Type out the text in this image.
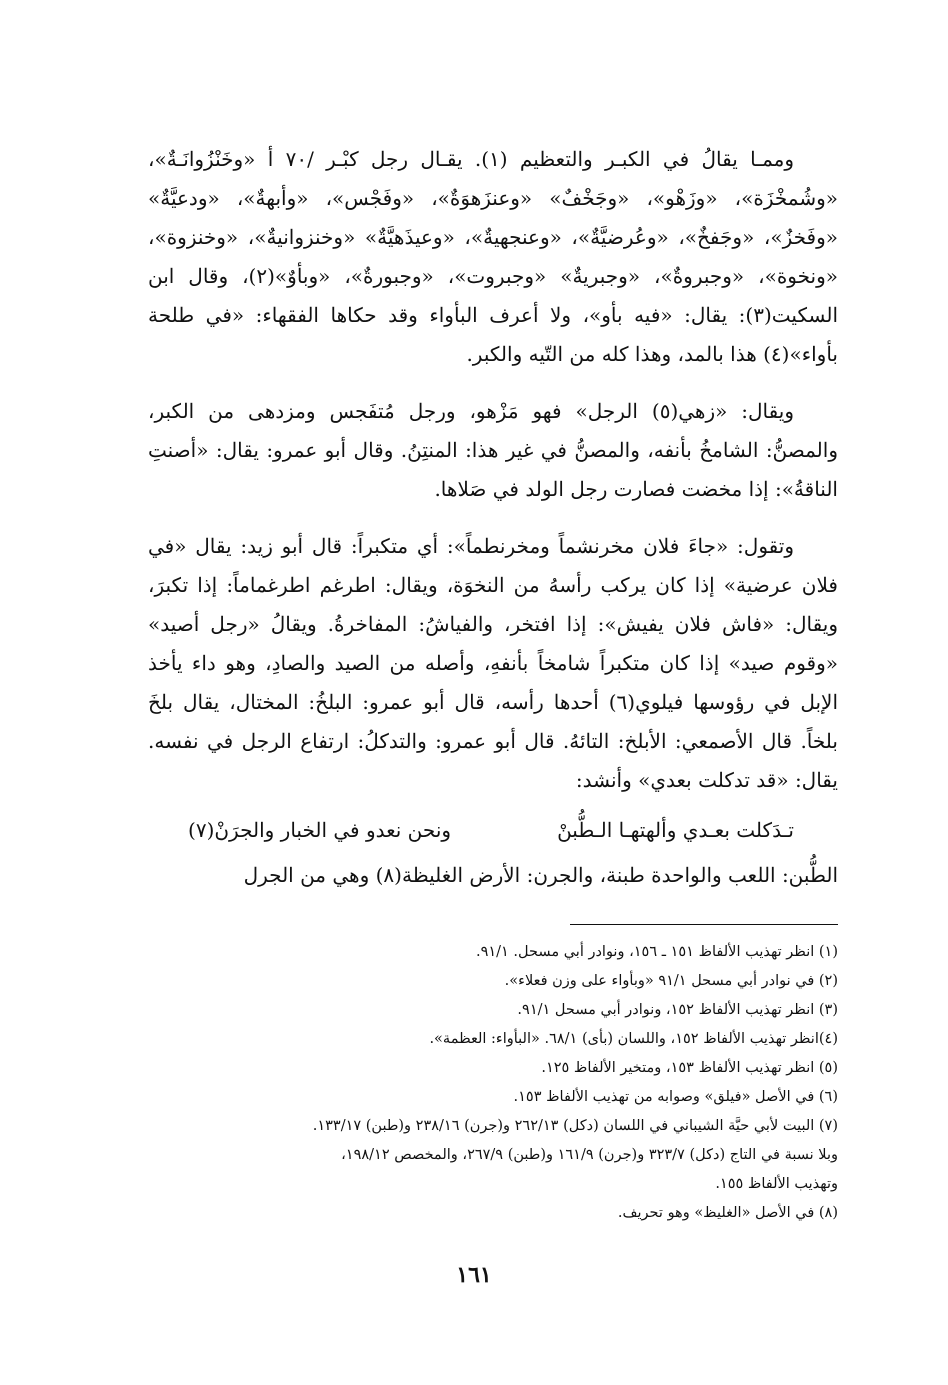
وممـا يقالُ في الكبـر والتعظيم (١). يقـال رجل كبْـر /٧٠ أ «وخَنْزُوانَـةٌ»، «وشُمخْزَة»، «وزَهْو»، «وجَخْفٌ» «وعنزَهوَةٌ»، «وفَجْس»، «وأبهةٌ»، «ودعيَّةٌ» «وفَخزٌ»، «وجَفخٌ»، «وعُرضيَّةٌ»، «وعنجهيةٌ»، «وعيذَهيَّةٌ» «وخنزوانيةٌ»، «وخنزوة»، «ونخوة»، «وجبروةٌ»، «وجبريةٌ» «وجبروت»، «وجبورةٌ»، «وبأوٌ»(٢)، وقال ابن السكيت(٣): يقال: «فيه بأو»، ولا أعرف البأواء وقد حكاها الفقهاء: «في طلحة بأواء»(٤) هذا بالمد، وهذا كله من التّيه والكبر.

ويقال: «زهي(٥) الرجل» فهو مَزْهو، ورجل مُتفَجس ومزدهى من الكبر، والمصنُّ: الشامخُ بأنفه، والمصنُّ في غير هذا: المنتِنُ. وقال أبو عمرو: يقال: «أصنتِ الناقةُ»: إذا مخضت فصارت رجل الولد في صَلاها.

وتقول: «جاءَ فلان مخرنشماً ومخرنطماً»: أي متكبراً: قال أبو زيد: يقال «في فلان عرضية» إذا كان يركب رأسهُ من النخوَة، ويقال: اطرغم اطرغماماً: إذا تكبرَ، ويقال: «فاش فلان يفيش»: إذا افتخر، والفياشُ: المفاخرةُ. ويقالُ «رجل أصيد» «وقوم صيد» إذا كان متكبراً شامخاً بأنفهِ، وأصله من الصيد والصادِ، وهو داء يأخذ الإبل في رؤوسها فيلوي(٦) أحدها رأسه، قال أبو عمرو: البلخُ: المختال، يقال بلخَ بلخاً. قال الأصمعي: الأبلخ: التائهُ. قال أبو عمرو: والتدكلُ: ارتفاع الرجل في نفسه. يقال: «قد تدكلت بعدي» وأنشد:

تـدَكلت بعـدي وألهتهـا الـطُّبنْ
ونحن نعدو في الخبار والجرَنْ(٧)

الطُّبن: اللعب والواحدة طبنة، والجرن: الأرض الغليظة(٨) وهي من الجرل

(١) انظر تهذيب الألفاظ ١٥١ ـ ١٥٦، ونوادر أبي مسحل. ٩١/١.

(٢) في نوادر أبي مسحل ٩١/١ «وبأواء على وزن فعلاء».

(٣) انظر تهذيب الألفاظ ١٥٢، ونوادر أبي مسحل ٩١/١.

(٤)انظر تهذيب الألفاظ ١٥٢، واللسان (بأى) ٦٨/١. «البأواء: العظمة».

(٥) انظر تهذيب الألفاظ ١٥٣، ومتخير الألفاظ ١٢٥.

(٦) في الأصل «فيلق» وصوابه من تهذيب الألفاظ ١٥٣.

(٧) البيت لأبي حيَّة الشيباني في اللسان (دكل) ٢٦٢/١٣ و(جرن) ٢٣٨/١٦ و(طبن) ١٣٣/١٧.

وبلا نسبة في التاج (دكل) ٣٢٣/٧ و(جرن) ١٦١/٩ و(طبن) ٢٦٧/٩، والمخصص ١٩٨/١٢،

وتهذيب الألفاظ ١٥٥.

(٨) في الأصل «الغليظ» وهو تحريف.

١٦١
